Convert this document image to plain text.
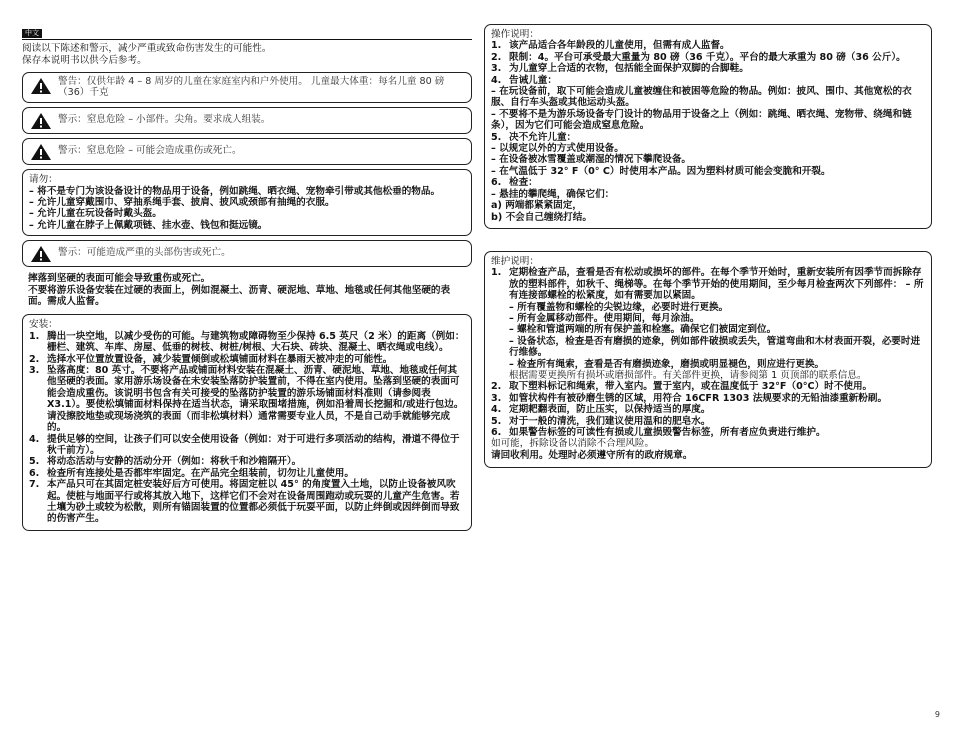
中文
阅读以下陈述和警示，减少严重或致命伤害发生的可能性。
保存本说明书以供今后参考。
警告：仅供年龄 4 – 8 周岁的儿童在家庭室内和户外使用。 儿童最大体重：每名儿童 80 磅（36）千克
警示：窒息危险 – 小部件。尖角。要求成人组装。
警示：窒息危险 – 可能会造成重伤或死亡。

请勿：

– 将不是专门为该设备设计的物品用于设备，例如跳绳、晒衣绳、宠物牵引带或其他松垂的物品。

– 允许儿童穿戴围巾、穿抽系绳手套、披肩、披风或颈部有抽绳的衣服。

– 允许儿童在玩设备时戴头盔。

– 允许儿童在脖子上佩戴项链、挂水壶、钱包和挺远镜。

警示：可能造成严重的头部伤害或死亡。

摔落到坚硬的表面可能会导致重伤或死亡。

不要将游乐设备安装在过硬的表面上，例如混凝土、沥青、硬泥地、草地、地毯或任何其他坚硬的表面。需成人监督。

安装：
1. 腾出一块空地，以减少受伤的可能。与建筑物或障碍物至少保持 6.5 英尺（2 米）的距离（例如：栅栏、建筑、车库、房屋、低垂的树枝、树桩/树根、大石块、砖块、混凝土、晒衣绳或电线）。
2. 选择水平位置放置设备，减少装置倾倒或松填铺面材料在暴雨天被冲走的可能性。
3. 坠落高度：80 英寸。不要将产品或铺面材料安装在混凝土、沥青、硬泥地、草地、地毯或任何其他坚硬的表面。家用游乐场设备在未安装坠落防护装置前，不得在室内使用。坠落到坚硬的表面可能会造成重伤。该说明书包含有关可接受的坠落防护装置的游乐场铺面材料准则（请参阅表 X3.1）。要使松填铺面材料保持在适当状态，请采取围堵措施，例如沿着周长挖掘和/或进行包边。请没擦胶地垫或现场浇筑的表面（而非松填材料）通常需要专业人员，不是自己动手就能够完成的。
4. 提供足够的空间，让孩子们可以安全使用设备（例如：对于可进行多项活动的结构，滑道不得位于秋千前方）。
5. 将动态活动与安静的活动分开（例如：将秋千和沙箱隔开）。
6. 检查所有连接处是否都牢牢固定。在产品完全组装前，切勿让儿童使用。
7. 本产品只可在其固定桩安装好后方可使用。将固定桩以 45° 的角度置入土地，以防止设备被风吹起。使桩与地面平行或将其放入地下，这样它们不会对在设备周围跑动或玩耍的儿童产生危害。若土壤为砂土或较为松散，则所有锚固装置的位置都必须低于玩耍平面，以防止绊倒或因绊倒而导致的伤害产生。
操作说明：
1. 该产品适合各年龄段的儿童使用，但需有成人监督。
2. 限制：4。平台可承受最大重量为 80 磅（36 千克）。平台的最大承重为 80 磅（36 公斤）。
3. 为儿童穿上合适的衣物，包括能全面保护双脚的合脚鞋。
4. 告诫儿童：

– 在玩设备前，取下可能会造成儿童被缠住和被困等危险的物品。例如：披风、围巾、其他宽松的衣服、自行车头盔或其他运动头盔。

– 不要将不是为游乐场设备专门设计的物品用于设备之上（例如：跳绳、晒衣绳、宠物带、绕绳和链条），因为它们可能会造成窒息危险。

5. 决不允许儿童：

– 以规定以外的方式使用设备。

– 在设备被冰雪覆盖或潮湿的情况下攀爬设备。

– 在气温低于 32° F（0° C）时使用本产品。因为塑料材质可能会变脆和开裂。

6. 检查：

– 悬挂的攀爬绳，确保它们：

a) 两端都紧紧固定，

b) 不会自己缠绕打结。

维护说明：
1. 定期检查产品，查看是否有松动或损坏的部件。在每个季节开始时，重新安装所有因季节而拆除存放的塑料部件，如秋千、绳梯等。在每个季节开始的使用期间，至少每月检查两次下列部件： – 所有连接部螺栓的松紧度，如有需要加以紧固。

– 所有覆盖物和螺栓的尖锐边缘，必要时进行更换。

– 所有金属移动部件。使用期间，每月涂油。

– 螺栓和管道两端的所有保护盖和栓塞。确保它们被固定到位。

– 设备状态，检查是否有磨损的迹象，例如部件破损或丢失，管道弯曲和木材表面开裂，必要时进行维修。

– 检查所有绳索，查看是否有磨损迹象，磨损或明显褪色，则应进行更换。

根据需要更换所有损坏或磨损部件。有关部件更换，请参阅第 1 页顶部的联系信息。

2. 取下塑料标记和绳索，带入室内。置于室内，或在温度低于 32°F（0°C）时不使用。
3. 如管状构件有被砂磨生锈的区域，用符合 16CFR 1303 法规要求的无铅油漆重新粉刷。
4. 定期耙翻表面，防止压实，以保持适当的厚度。
5. 对于一般的清洗，我们建议使用温和的肥皂水。
6. 如果警告标签的可读性有损或儿童损毁警告标签，所有者应负责进行维护。

如可能，拆除设备以消除不合理风险。

请回收利用。处理时必须遵守所有的政府规章。

9
